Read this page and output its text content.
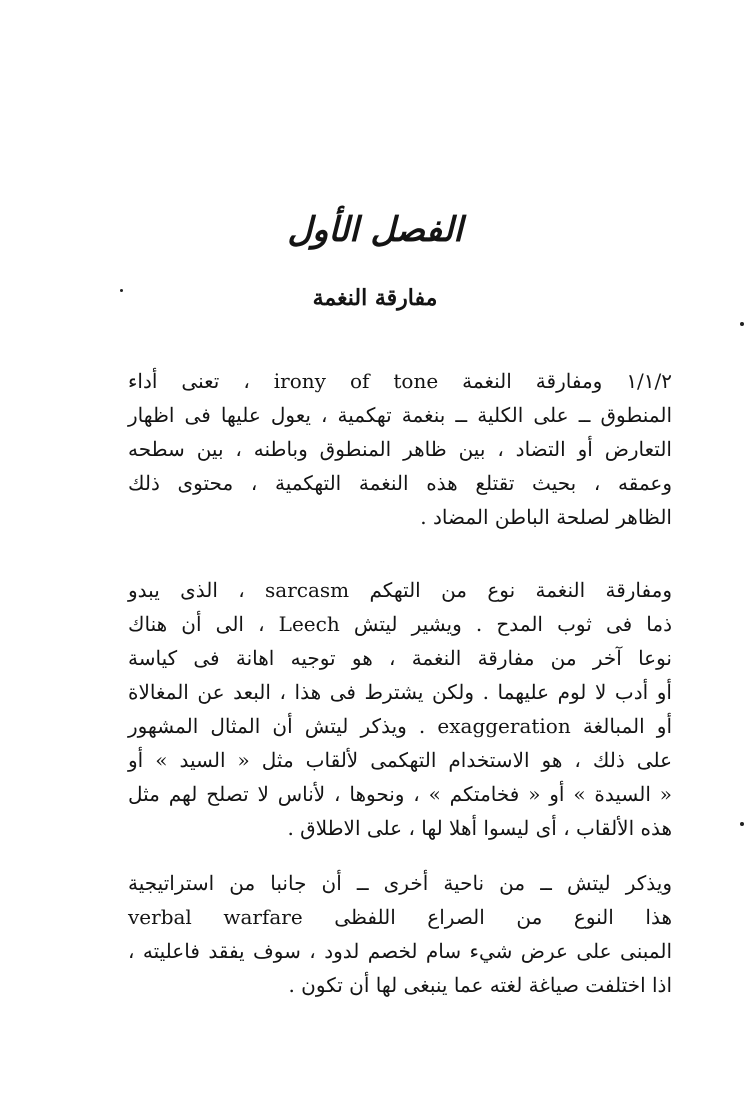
الفصل الأول
مفارقة النغمة
١/١/٢ ومفارقة النغمة irony of tone ، تعنى أداء
المنطوق ــ على الكلية ــ بنغمة تهكمية ، يعول عليها فى اظهار
التعارض أو التضاد ، بين ظاهر المنطوق وباطنه ، بين سطحه
وعمقه ، بحيث تقتلع هذه النغمة التهكمية ، محتوى ذلك
الظاهر لصلحة الباطن المضاد .
ومفارقة النغمة نوع من التهكم sarcasm ، الذى يبدو
ذما فى ثوب المدح . ويشير ليتش Leech ، الى أن هناك
نوعا آخر من مفارقة النغمة ، هو توجيه اهانة فى كياسة
أو أدب لا لوم عليهما . ولكن يشترط فى هذا ، البعد عن المغالاة
أو المبالغة exaggeration . ويذكر ليتش أن المثال المشهور
على ذلك ، هو الاستخدام التهكمى لألقاب مثل « السيد » أو
« السيدة » أو « فخامتكم » ، ونحوها ، لأناس لا تصلح لهم مثل
هذه الألقاب ، أى ليسوا أهلا لها ، على الاطلاق .
ويذكر ليتش ــ من ناحية أخرى ــ أن جانبا من استراتيجية
هذا النوع من الصراع اللفظى verbal warfare
المبنى على عرض شيء سام لخصم لدود ، سوف يفقد فاعليته ،
اذا اختلفت صياغة لغته عما ينبغى لها أن تكون .
